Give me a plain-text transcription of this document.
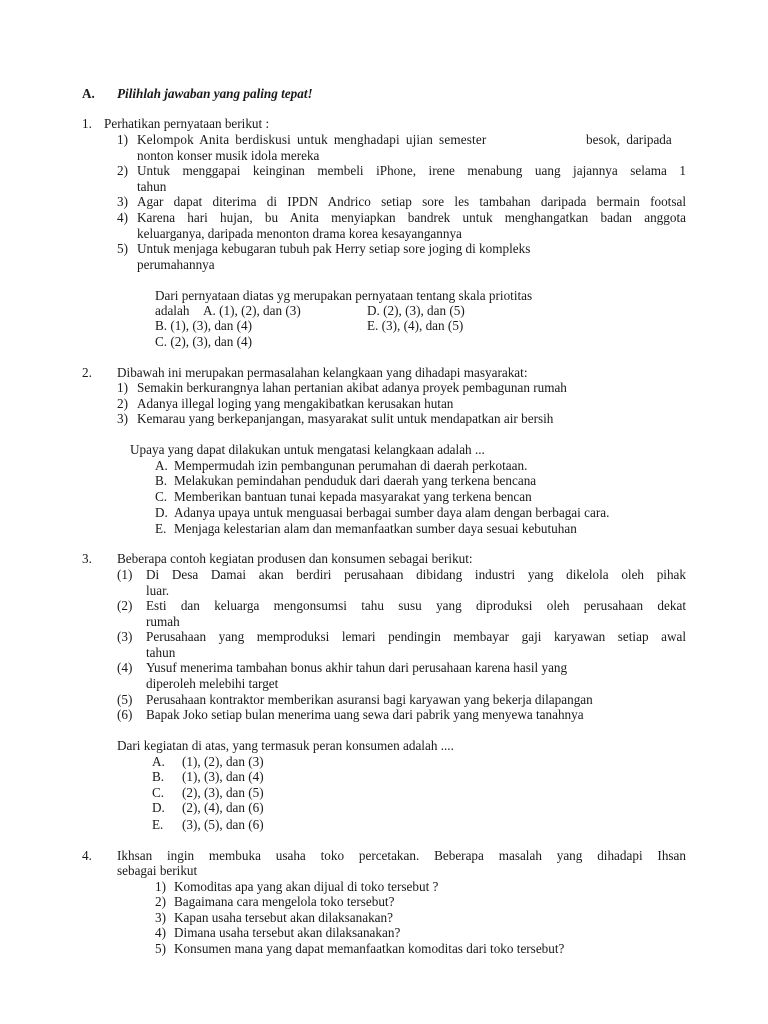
A. Pilihlah jawaban yang paling tepat!
1. Perhatikan pernyataan berikut :
1) Kelompok Anita berdiskusi untuk menghadapi ujian semester	besok, daripada
nonton konser musik idola mereka
2) Untuk menggapai keinginan membeli iPhone, irene menabung uang jajannya selama 1
tahun
3) Agar dapat diterima di IPDN Andrico setiap sore les tambahan daripada bermain footsal
4) Karena hari hujan, bu Anita menyiapkan bandrek untuk menghangatkan badan anggota
keluarganya, daripada menonton drama korea kesayangannya
5) Untuk menjaga kebugaran tubuh pak Herry setiap sore joging di kompleks
perumahannya
Dari pernyataan diatas yg merupakan pernyataan tentang skala priotitas
adalah A. (1), (2), dan (3)	D. (2), (3), dan (5)
B. (1), (3), dan (4)	E. (3), (4), dan (5)
C. (2), (3), dan (4)
2. Dibawah ini merupakan permasalahan kelangkaan yang dihadapi masyarakat:
1) Semakin berkurangnya lahan pertanian akibat adanya proyek pembagunan rumah
2) Adanya illegal loging yang mengakibatkan kerusakan hutan
3) Kemarau yang berkepanjangan, masyarakat sulit untuk mendapatkan air bersih
Upaya yang dapat dilakukan untuk mengatasi kelangkaan adalah ...
A. Mempermudah izin pembangunan perumahan di daerah perkotaan.
B. Melakukan pemindahan penduduk dari daerah yang terkena bencana
C. Memberikan bantuan tunai kepada masyarakat yang terkena bencan
D. Adanya upaya untuk menguasai berbagai sumber daya alam dengan berbagai cara.
E. Menjaga kelestarian alam dan memanfaatkan sumber daya sesuai kebutuhan
3. Beberapa contoh kegiatan produsen dan konsumen sebagai berikut:
(1) Di Desa Damai akan berdiri perusahaan dibidang industri yang dikelola oleh pihak
luar.
(2) Esti dan keluarga mengonsumsi tahu susu yang diproduksi oleh perusahaan dekat
rumah
(3) Perusahaan yang memproduksi lemari pendingin membayar gaji karyawan setiap awal
tahun
(4) Yusuf menerima tambahan bonus akhir tahun dari perusahaan karena hasil yang
diperoleh melebihi target
(5) Perusahaan kontraktor memberikan asuransi bagi karyawan yang bekerja dilapangan
(6) Bapak Joko setiap bulan menerima uang sewa dari pabrik yang menyewa tanahnya
Dari kegiatan di atas, yang termasuk peran konsumen adalah ....
A. (1), (2), dan (3)
B. (1), (3), dan (4)
C. (2), (3), dan (5)
D. (2), (4), dan (6)
E. (3), (5), dan (6)
4. Ikhsan ingin membuka usaha toko percetakan. Beberapa masalah yang dihadapi Ihsan
sebagai berikut
1) Komoditas apa yang akan dijual di toko tersebut ?
2) Bagaimana cara mengelola toko tersebut?
3) Kapan usaha tersebut akan dilaksanakan?
4) Dimana usaha tersebut akan dilaksanakan?
5) Konsumen mana yang dapat memanfaatkan komoditas dari toko tersebut?
